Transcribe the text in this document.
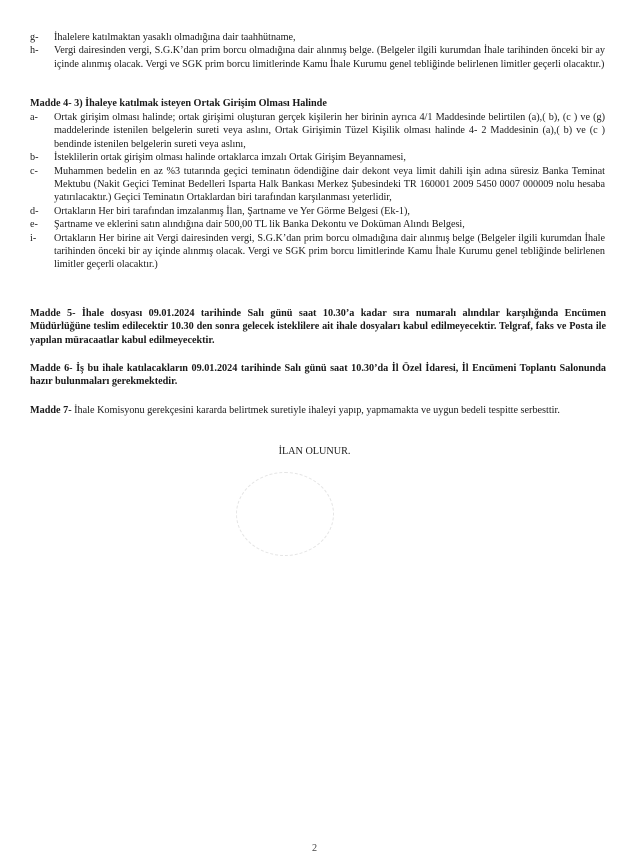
g-	İhalelere katılmaktan yasaklı olmadığına dair taahhütname,
h-	Vergi dairesinden vergi, S.G.K’dan prim borcu olmadığına dair alınmış belge. (Belgeler ilgili kurumdan İhale tarihinden önceki bir ay içinde alınmış olacak. Vergi ve SGK prim borcu limitlerinde Kamu İhale Kurumu genel tebliğinde belirlenen limitler geçerli olacaktır.)
Madde 4- 3) İhaleye katılmak isteyen Ortak Girişim Olması Halinde
a-	Ortak girişim olması halinde; ortak girişimi oluşturan gerçek kişilerin her birinin ayrıca 4/1 Maddesinde belirtilen (a),( b), (c ) ve (g) maddelerinde istenilen belgelerin sureti veya aslını, Ortak Girişimin Tüzel Kişilik olması halinde 4- 2 Maddesinin (a),( b) ve (c ) bendinde istenilen belgelerin sureti veya aslını,
b-	İsteklilerin ortak girişim olması halinde ortaklarca imzalı Ortak Girişim Beyannamesi,
c-	Muhammen bedelin en az %3 tutarında geçici teminatın ödendiğine dair dekont veya limit dahili işin adına süresiz Banka Teminat Mektubu (Nakit Geçici Teminat Bedelleri Isparta Halk Bankası Merkez Şubesindeki TR 160001 2009 5450 0007 000009 nolu hesaba yatırılacaktır.) Geçici Teminatın Ortaklardan biri tarafından karşılanması yeterlidir,
d-	Ortakların Her biri tarafından imzalanmış İlan, Şartname ve Yer Görme Belgesi (Ek-1),
e-	Şartname ve eklerini satın alındığına dair 500,00 TL lik Banka Dekontu ve Doküman Alındı Belgesi,
i-	Ortakların Her birine ait Vergi dairesinden vergi, S.G.K’dan prim borcu olmadığına dair alınmış belge (Belgeler ilgili kurumdan İhale tarihinden önceki bir ay içinde alınmış olacak. Vergi ve SGK prim borcu limitlerinde Kamu İhale Kurumu genel tebliğinde belirlenen limitler geçerli olacaktır.)
Madde 5- İhale dosyası 09.01.2024 tarihinde Salı günü saat 10.30’a kadar sıra numaralı alındılar karşılığında Encümen Müdürlüğüne teslim edilecektir 10.30 den sonra gelecek isteklilere ait ihale dosyaları kabul edilmeyecektir. Telgraf, faks ve Posta ile yapılan müracaatlar kabul edilmeyecektir.
Madde 6- İş bu ihale katılacakların 09.01.2024 tarihinde Salı günü saat 10.30’da İl Özel İdaresi, İl Encümeni Toplantı Salonunda hazır bulunmaları gerekmektedir.
Madde 7- İhale Komisyonu gerekçesini kararda belirtmek suretiyle ihaleyi yapıp, yapmamakta ve uygun bedeli tespitte serbesttir.
İLAN OLUNUR.
2
